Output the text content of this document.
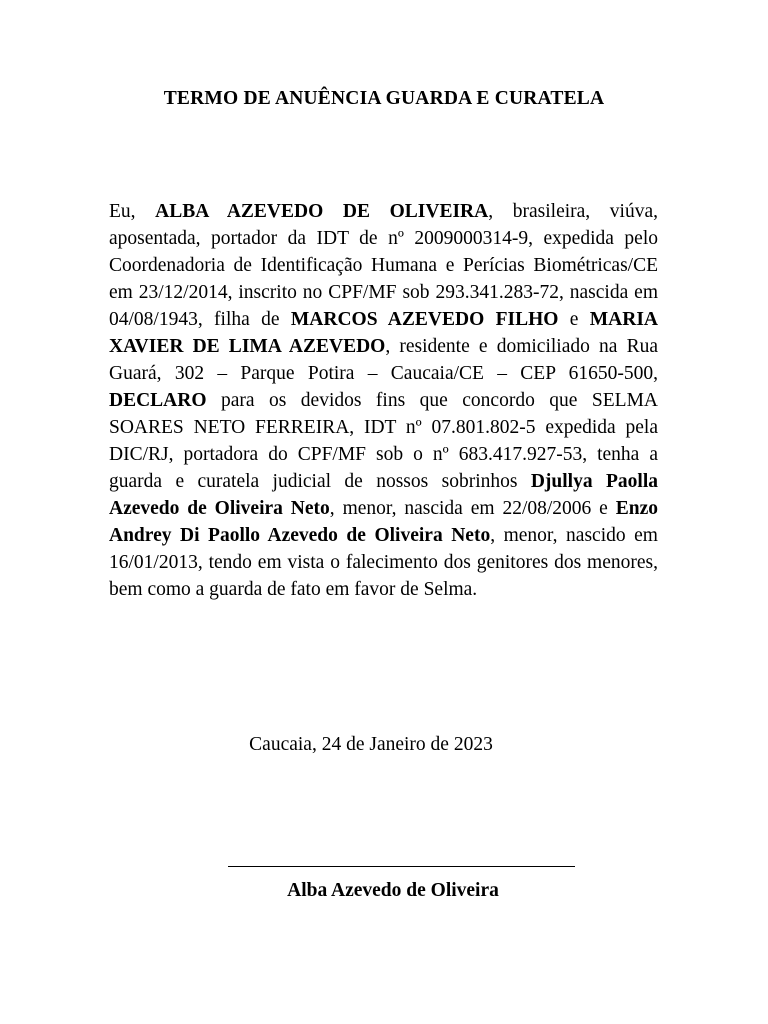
TERMO DE ANUÊNCIA GUARDA E CURATELA
Eu, ALBA AZEVEDO DE OLIVEIRA, brasileira, viúva, aposentada, portador da IDT de nº 2009000314-9, expedida pelo Coordenadoria de Identificação Humana e Perícias Biométricas/CE em 23/12/2014, inscrito no CPF/MF sob 293.341.283-72, nascida em 04/08/1943, filha de MARCOS AZEVEDO FILHO e MARIA XAVIER DE LIMA AZEVEDO, residente e domiciliado na Rua Guará, 302 – Parque Potira – Caucaia/CE – CEP 61650-500, DECLARO para os devidos fins que concordo que SELMA SOARES NETO FERREIRA, IDT nº 07.801.802-5 expedida pela DIC/RJ, portadora do CPF/MF sob o nº 683.417.927-53, tenha a guarda e curatela judicial de nossos sobrinhos Djullya Paolla Azevedo de Oliveira Neto, menor, nascida em 22/08/2006 e Enzo Andrey Di Paollo Azevedo de Oliveira Neto, menor, nascido em 16/01/2013, tendo em vista o falecimento dos genitores dos menores, bem como a guarda de fato em favor de Selma.
Caucaia, 24 de Janeiro de 2023
Alba Azevedo de Oliveira
